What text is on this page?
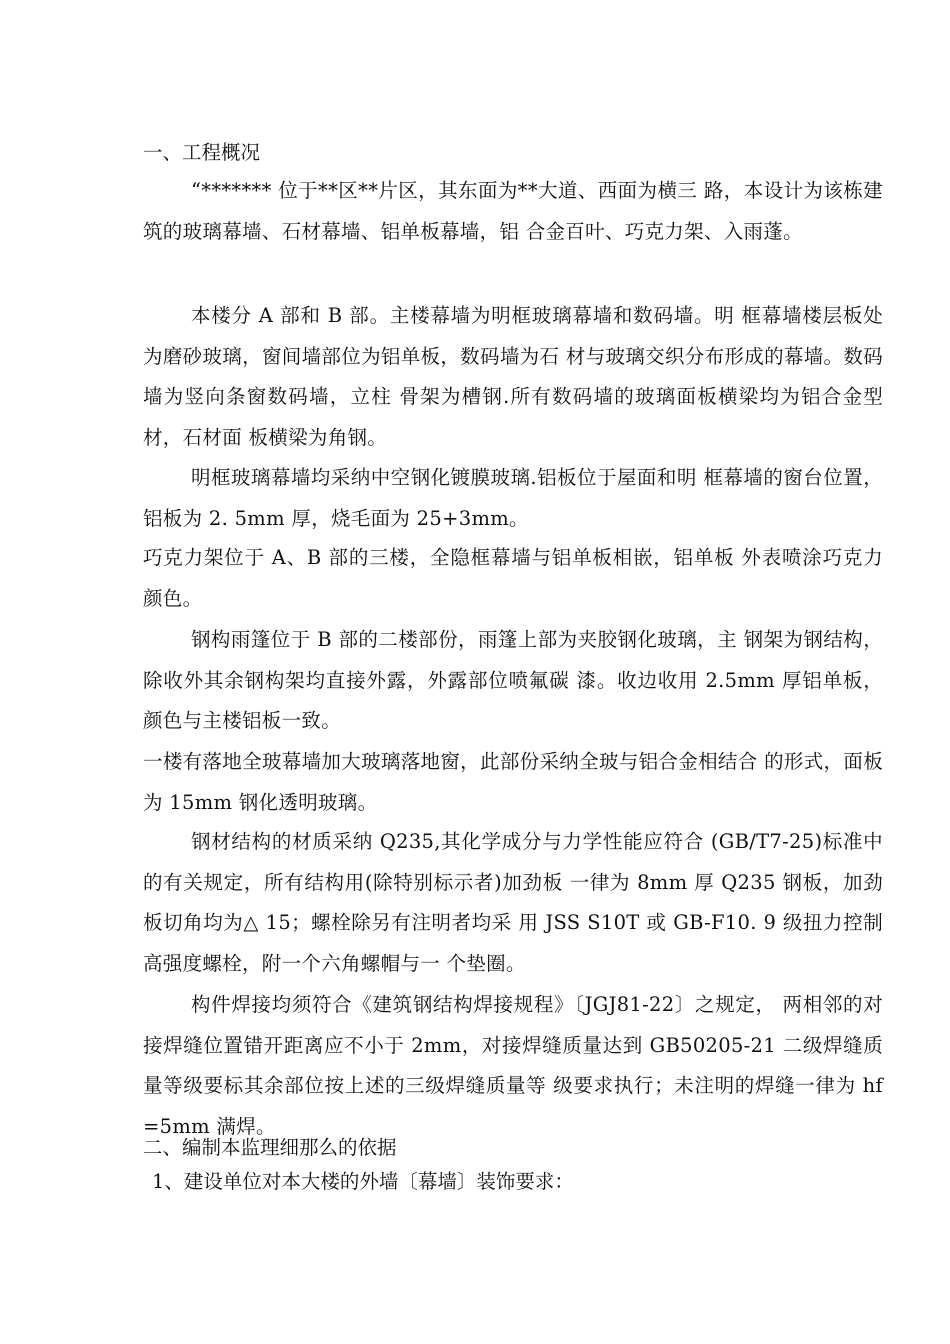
一、工程概况
“******* 位于**区**片区，其东面为**大道、西面为横三 路，本设计为该栋建筑的玻璃幕墙、石材幕墙、铝单板幕墙，铝 合金百叶、巧克力架、入雨蓬。
本楼分 A 部和 B 部。主楼幕墙为明框玻璃幕墙和数码墙。明 框幕墙楼层板处为磨砂玻璃，窗间墙部位为铝单板，数码墙为石 材与玻璃交织分布形成的幕墙。数码墙为竖向条窗数码墙，立柱 骨架为槽钢.所有数码墙的玻璃面板横梁均为铝合金型材，石材面 板横梁为角钢。
明框玻璃幕墙均采纳中空钢化镀膜玻璃.铝板位于屋面和明 框幕墙的窗台位置，铝板为 2. 5mm 厚，烧毛面为 25+3mm。
巧克力架位于 A、B 部的三楼，全隐框幕墙与铝单板相嵌，铝单板 外表喷涂巧克力颜色。
钢构雨篷位于 B 部的二楼部份，雨篷上部为夹胶钢化玻璃，主 钢架为钢结构，除收外其余钢构架均直接外露，外露部位喷氟碳 漆。收边收用 2.5mm 厚铝单板，颜色与主楼铝板一致。
一楼有落地全玻幕墙加大玻璃落地窗，此部份采纳全玻与铝合金相结合 的形式，面板为 15mm 钢化透明玻璃。
钢材结构的材质采纳 Q235,其化学成分与力学性能应符合 (GB/T7-25)标准中的有关规定，所有结构用(除特别标示者)加劲板 一律为 8mm 厚 Q235 钢板，加劲板切角均为△ 15；螺栓除另有注明者均采 用 JSS S10T 或 GB-F10. 9 级扭力控制高强度螺栓，附一个六角螺帽与一 个垫圈。
构件焊接均须符合《建筑钢结构焊接规程》〔JGJ81-22〕之规定， 两相邻的对接焊缝位置错开距离应不小于 2mm，对接焊缝质量达到 GB50205-21 二级焊缝质量等级要标其余部位按上述的三级焊缝质量等 级要求执行；未注明的焊缝一律为 hf=5mm 满焊。
二、编制本监理细那么的依据
1、建设单位对本大楼的外墙〔幕墙〕装饰要求：
